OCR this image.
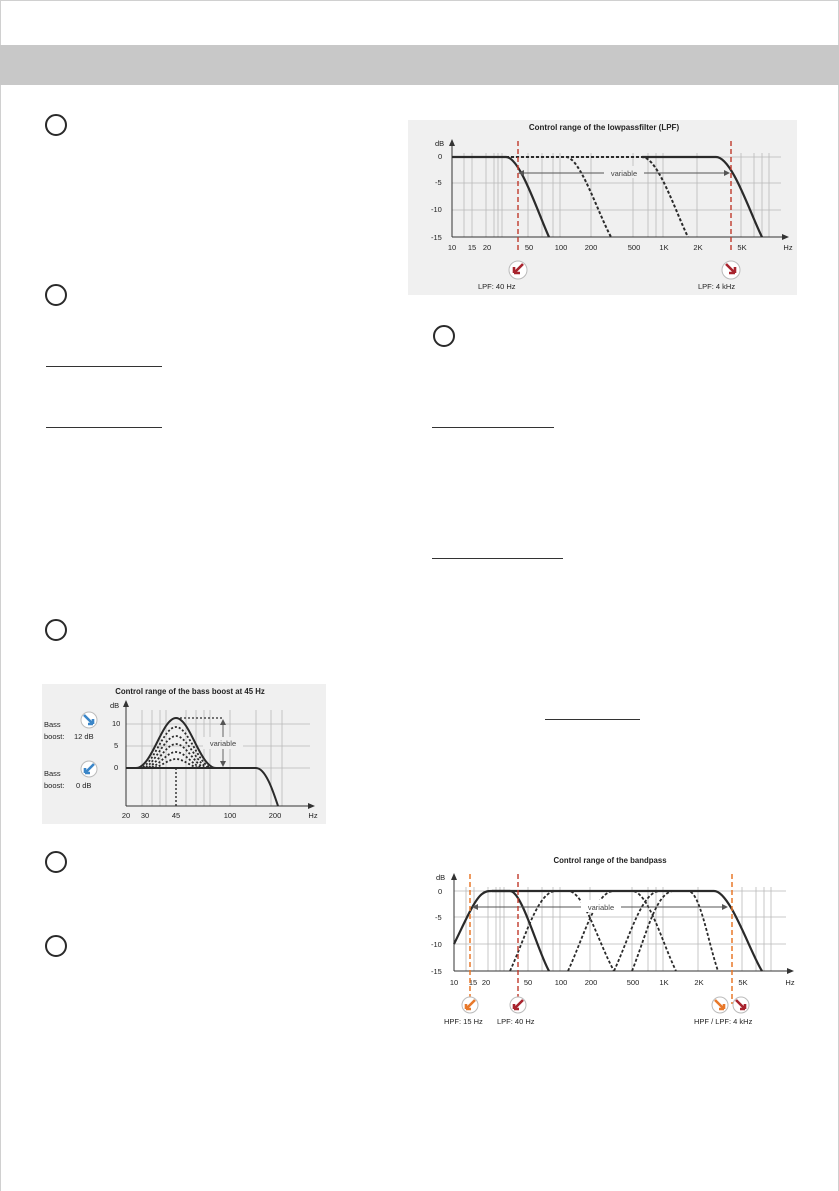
Control range of the lowpassfilter (LPF)
dB
0
-5
-10
-15
10 15 20	50	100 200	500	1K	2K	5K	Hz
variable
LPF: 40 Hz	LPF: 4 kHz
Control range of the bass boost at 45 Hz
dB
10
5
0
20 30	45	100	200	Hz
variable
Bass
boost: 12 dB
Bass
boost: 0 dB
Control range of the bandpass
dB
0
-5
-10
-15
10 15 20	50	100 200	500	1K	2K	5K	Hz
variable
HPF: 15 Hz LPF: 40 Hz	HPF / LPF: 4 kHz
